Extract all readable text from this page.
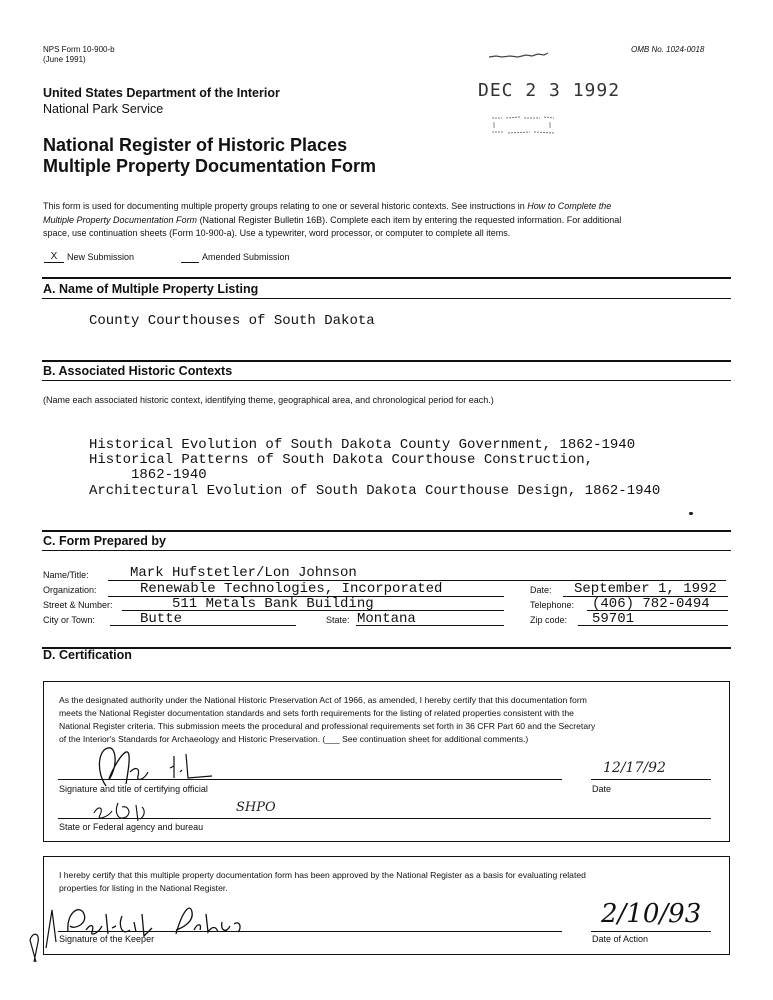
NPS Form 10-900-b
(June 1991)
OMB No. 1024-0018
DEC 2 3 1992
United States Department of the Interior
National Park Service
National Register of Historic Places
Multiple Property Documentation Form
This form is used for documenting multiple property groups relating to one or several historic contexts. See instructions in How to Complete the
Multiple Property Documentation Form (National Register Bulletin 16B). Complete each item by entering the requested information. For additional
space, use continuation sheets (Form 10-900-a). Use a typewriter, word processor, or computer to complete all items.
X	New Submission	Amended Submission
A. Name of Multiple Property Listing
County Courthouses of South Dakota
B. Associated Historic Contexts
(Name each associated historic context, identifying theme, geographical area, and chronological period for each.)
Historical Evolution of South Dakota County Government, 1862-1940
Historical Patterns of South Dakota Courthouse Construction,
1862-1940
Architectural Evolution of South Dakota Courthouse Design, 1862-1940
C. Form Prepared by
Name/Title:	Mark Hufstetler/Lon Johnson
Organization:	Renewable Technologies, Incorporated	Date: September 1, 1992
Street & Number:	511 Metals Bank Building	Telephone: (406) 782-0494
City or Town:	Butte	State: Montana	Zip code: 59701
D. Certification
As the designated authority under the National Historic Preservation Act of 1966, as amended, I hereby certify that this documentation form
meets the National Register documentation standards and sets forth requirements for the listing of related properties consistent with the
National Register criteria. This submission meets the procedural and professional requirements set forth in 36 CFR Part 60 and the Secretary
of the Interior's Standards for Archaeology and Historic Preservation. (___ See continuation sheet for additional comments.)
12/17/92
Signature and title of certifying official	Date
SHPO
State or Federal agency and bureau
I hereby certify that this multiple property documentation form has been approved by the National Register as a basis for evaluating related
properties for listing in the National Register.
2/10/93
Signature of the Keeper	Date of Action
